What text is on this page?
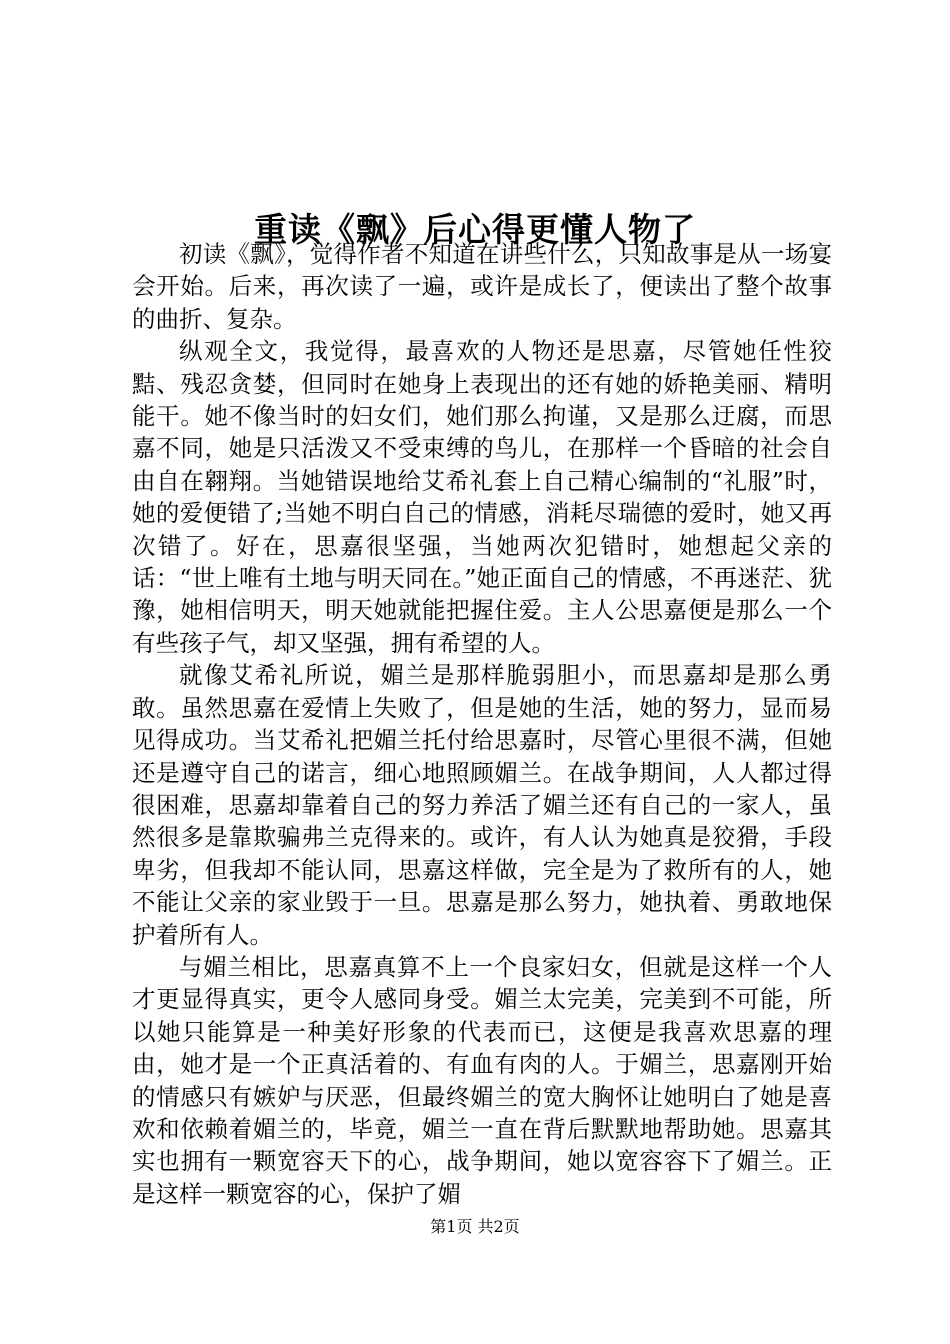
重读《飘》后心得更懂人物了

初读《飘》，觉得作者不知道在讲些什么，只知故事是从一场宴会开始。后来，再次读了一遍，或许是成长了，便读出了整个故事的曲折、复杂。

纵观全文，我觉得，最喜欢的人物还是思嘉，尽管她任性狡黠、残忍贪婪，但同时在她身上表现出的还有她的娇艳美丽、精明能干。她不像当时的妇女们，她们那么拘谨，又是那么迂腐，而思嘉不同，她是只活泼又不受束缚的鸟儿，在那样一个昏暗的社会自由自在翱翔。当她错误地给艾希礼套上自己精心编制的“礼服”时，她的爱便错了;当她不明白自己的情感，消耗尽瑞德的爱时，她又再次错了。好在，思嘉很坚强，当她两次犯错时，她想起父亲的话：“世上唯有土地与明天同在。”她正面自己的情感，不再迷茫、犹豫，她相信明天，明天她就能把握住爱。主人公思嘉便是那么一个有些孩子气，却又坚强，拥有希望的人。

就像艾希礼所说，媚兰是那样脆弱胆小，而思嘉却是那么勇敢。虽然思嘉在爱情上失败了，但是她的生活，她的努力，显而易见得成功。当艾希礼把媚兰托付给思嘉时，尽管心里很不满，但她还是遵守自己的诺言，细心地照顾媚兰。在战争期间，人人都过得很困难，思嘉却靠着自己的努力养活了媚兰还有自己的一家人，虽然很多是靠欺骗弗兰克得来的。或许，有人认为她真是狡猾，手段卑劣，但我却不能认同，思嘉这样做，完全是为了救所有的人，她不能让父亲的家业毁于一旦。思嘉是那么努力，她执着、勇敢地保护着所有人。

与媚兰相比，思嘉真算不上一个良家妇女，但就是这样一个人才更显得真实，更令人感同身受。媚兰太完美，完美到不可能，所以她只能算是一种美好形象的代表而已，这便是我喜欢思嘉的理由，她才是一个正真活着的、有血有肉的人。于媚兰，思嘉刚开始的情感只有嫉妒与厌恶，但最终媚兰的宽大胸怀让她明白了她是喜欢和依赖着媚兰的，毕竟，媚兰一直在背后默默地帮助她。思嘉其实也拥有一颗宽容天下的心，战争期间，她以宽容容下了媚兰。正是这样一颗宽容的心，保护了媚

第1页 共2页
